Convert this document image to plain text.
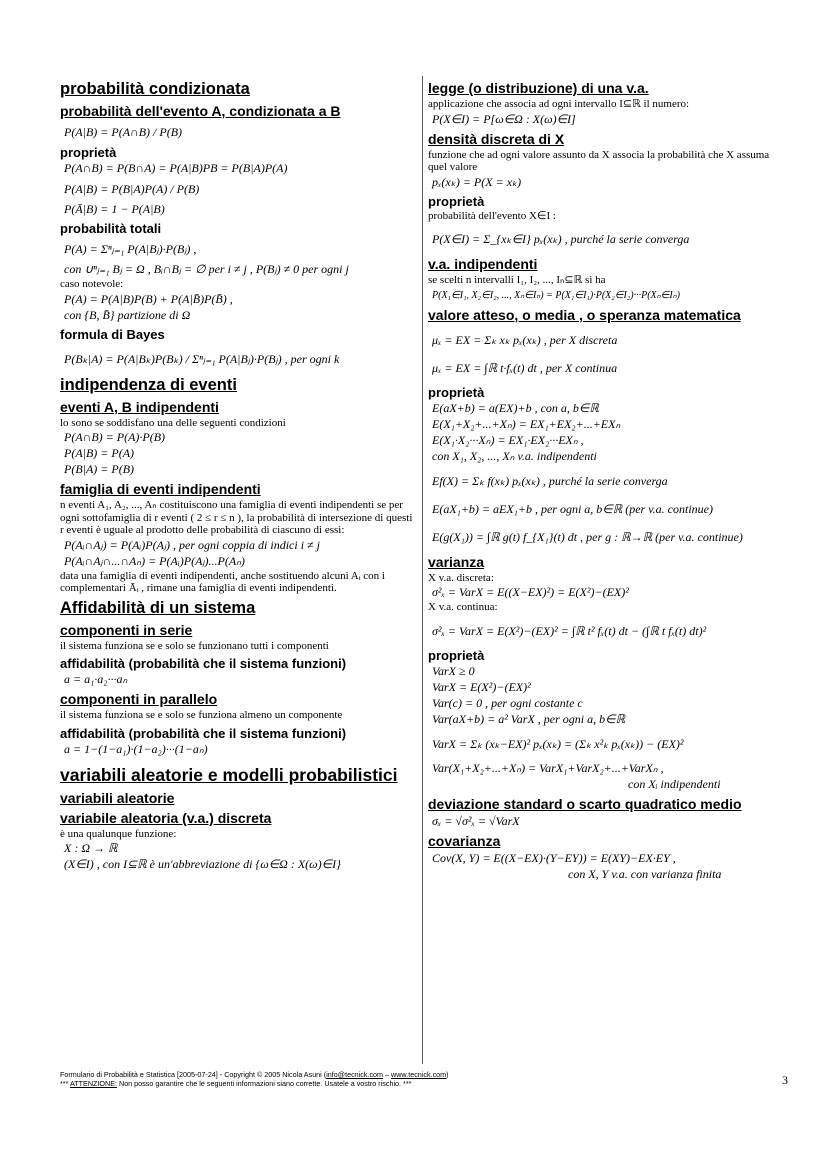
probabilità condizionata
probabilità dell'evento A, condizionata a B
P(A|B) = P(A∩B) / P(B)
proprietà
P(A∩B) = P(B∩A) = P(A|B)PB = P(B|A)P(A)
P(A|B) = P(B|A)P(A) / P(B)
P(Ā|B) = 1 − P(A|B)
probabilità totali
P(A) = Σⁿⱼ₌₁ P(A|Bⱼ)·P(Bⱼ) ,
con ∪ⁿⱼ₌₁ Bⱼ = Ω , Bᵢ∩Bⱼ = ∅ per i ≠ j , P(Bⱼ) ≠ 0 per ogni j
caso notevole:
P(A) = P(A|B)P(B) + P(A|B̄)P(B̄) ,
con {B, B̄} partizione di Ω
formula di Bayes
P(Bₖ|A) = P(A|Bₖ)P(Bₖ) / Σⁿⱼ₌₁ P(A|Bⱼ)·P(Bⱼ) , per ogni k
indipendenza di eventi
eventi A, B indipendenti
lo sono se soddisfano una delle seguenti condizioni
P(A∩B) = P(A)·P(B)
P(A|B) = P(A)
P(B|A) = P(B)
famiglia di eventi indipendenti
n eventi A₁, A₂, ..., Aₙ costituiscono una famiglia di eventi indipendenti se per ogni sottofamiglia di r eventi ( 2 ≤ r ≤ n ), la probabilità di intersezione di questi r eventi è uguale al prodotto delle probabilità di ciascuno di essi:
P(Aᵢ∩Aⱼ) = P(Aᵢ)P(Aⱼ) , per ogni coppia di indici i ≠ j
P(Aᵢ∩Aⱼ∩...∩Aₙ) = P(Aᵢ)P(Aⱼ)...P(Aₙ)
data una famiglia di eventi indipendenti, anche sostituendo alcuni Aᵢ con i complementari Āᵢ , rimane una famiglia di eventi indipendenti.
Affidabilità di un sistema
componenti in serie
il sistema funziona se e solo se funzionano tutti i componenti
affidabilità (probabilità che il sistema funzioni)
a = a₁·a₂···aₙ
componenti in parallelo
il sistema funziona se e solo se funziona almeno un componente
affidabilità (probabilità che il sistema funzioni)
a = 1−(1−a₁)·(1−a₂)···(1−aₙ)
variabili aleatorie e modelli probabilistici
variabili aleatorie
variabile aleatoria (v.a.) discreta
è una qualunque funzione:
X : Ω → ℝ
(X∈I) , con I⊆ℝ è un'abbreviazione di {ω∈Ω : X(ω)∈I}
legge (o distribuzione) di una v.a.
applicazione che associa ad ogni intervallo I⊆ℝ il numero:
P(X∈I) = P[ω∈Ω : X(ω)∈I]
densità discreta di X
funzione che ad ogni valore assunto da X associa la probabilità che X assuma quel valore
pₓ(xₖ) = P(X = xₖ)
proprietà
probabilità dell'evento X∈I :
P(X∈I) = Σ_{xₖ∈I} pₓ(xₖ) , purché la serie converga
v.a. indipendenti
se scelti n intervalli I₁, I₂, ..., Iₙ⊆ℝ si ha
P(X₁∈I₁, X₂∈I₂, ..., Xₙ∈Iₙ) = P(X₁∈I₁)·P(X₂∈I₂)···P(Xₙ∈Iₙ)
valore atteso, o media , o speranza matematica
μₓ = EX = Σₖ xₖ pₓ(xₖ) , per X discreta
μₓ = EX = ∫ℝ t·fₓ(t) dt , per X continua
proprietà
E(aX+b) = a(EX)+b , con a, b∈ℝ
E(X₁+X₂+...+Xₙ) = EX₁+EX₂+...+EXₙ
E(X₁·X₂···Xₙ) = EX₁·EX₂···EXₙ ,
con X₁, X₂, ..., Xₙ v.a. indipendenti
Ef(X) = Σₖ f(xₖ) pₓ(xₖ) , purché la serie converga
E(aX₁+b) = aEX₁+b , per ogni a, b∈ℝ (per v.a. continue)
E(g(X₁)) = ∫ℝ g(t) f_{X₁}(t) dt , per g : ℝ→ℝ (per v.a. continue)
varianza
X v.a. discreta:
σ²ₓ = VarX = E((X−EX)²) = E(X²)−(EX)²
X v.a. continua:
σ²ₓ = VarX = E(X²)−(EX)² = ∫ℝ t² fₓ(t) dt − (∫ℝ t fₓ(t) dt)²
proprietà
VarX ≥ 0
VarX = E(X²)−(EX)²
Var(c) = 0 , per ogni costante c
Var(aX+b) = a² VarX , per ogni a, b∈ℝ
VarX = Σₖ (xₖ−EX)² pₓ(xₖ) = (Σₖ x²ₖ pₓ(xₖ)) − (EX)²
Var(X₁+X₂+...+Xₙ) = VarX₁+VarX₂+...+VarXₙ ,
con Xᵢ indipendenti
deviazione standard o scarto quadratico medio
σₓ = √σ²ₓ = √VarX
covarianza
Cov(X, Y) = E((X−EX)·(Y−EY)) = E(XY)−EX·EY ,
con X, Y v.a. con varianza finita
Formulario di Probabilità e Statistica [2005-07-24] - Copyright © 2005 Nicola Asuni (info@tecnick.com – www.tecnick.com)
*** ATTENZIONE: Non posso garantire che le seguenti informazioni siano corrette. Usatele a vostro rischio. ***	3
